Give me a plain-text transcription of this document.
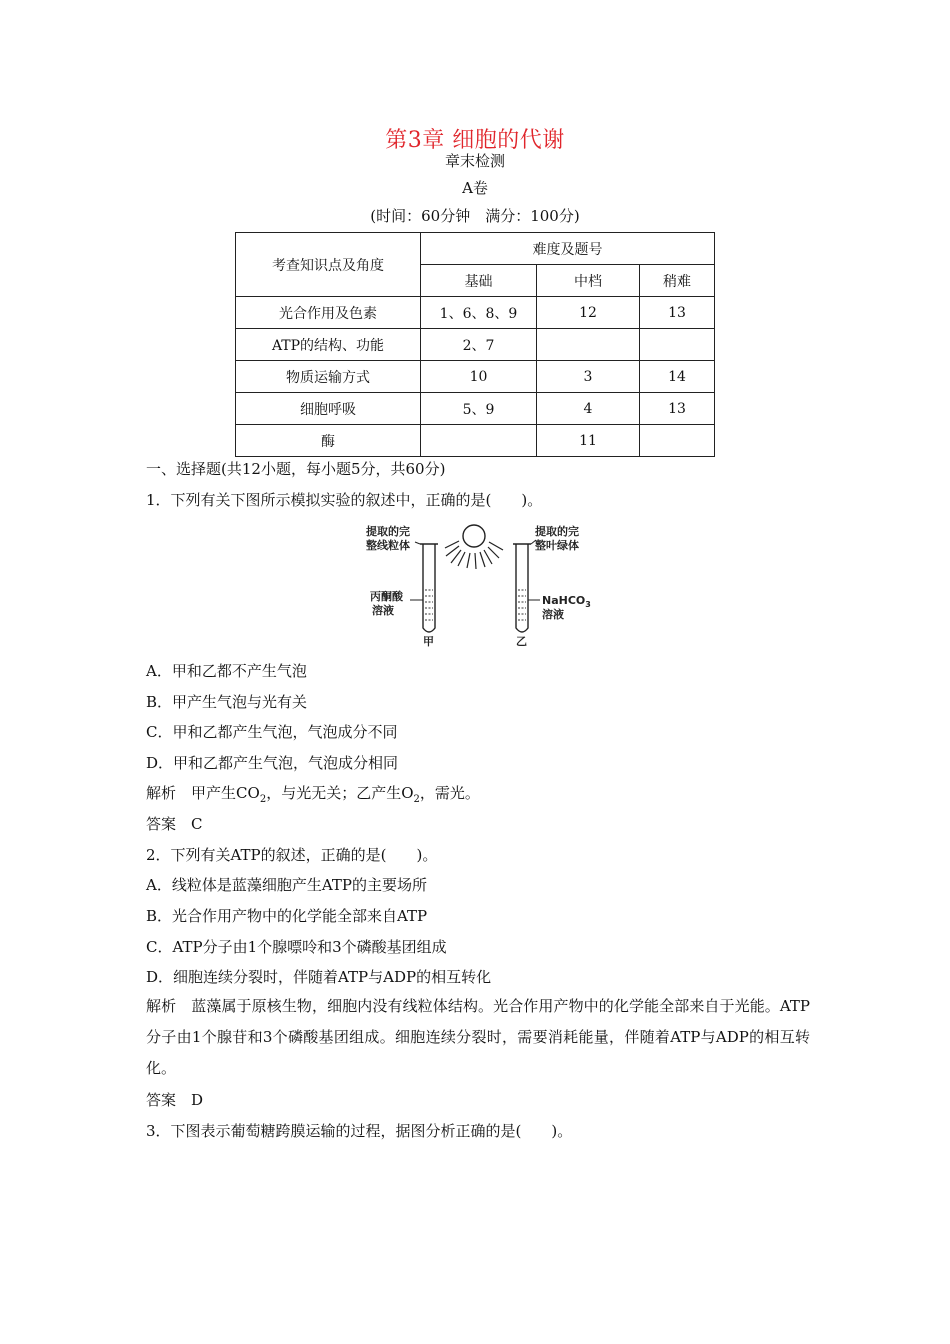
第3章 细胞的代谢
章末检测
A卷
(时间：60分钟　满分：100分)
考查知识点及角度	难度及题号		
	基础	中档	稍难
光合作用及色素	1、6、8、9	12	13
ATP的结构、功能	2、7		
物质运输方式	10	3	14
细胞呼吸	5、9	4	13
酶		11	
一、选择题(共12小题，每小题5分，共60分)
1．下列有关下图所示模拟实验的叙述中，正确的是(　　)。
提取的完
整线粒体
丙酮酸
溶液
甲
提取的完
整叶绿体
NaHCO$_3$
溶液
乙
A．甲和乙都不产生气泡
B．甲产生气泡与光有关
C．甲和乙都产生气泡，气泡成分不同
D．甲和乙都产生气泡，气泡成分相同
解析　 甲产生$CO_2$，与光无关；乙产生$O_2$，需光。
答案　C
2．下列有关ATP的叙述，正确的是(　　)。
A．线粒体是蓝藻细胞产生ATP的主要场所
B．光合作用产物中的化学能全部来自ATP
C．ATP分子由1个腺嘌呤和3个磷酸基团组成
D．细胞连续分裂时，伴随着ATP与ADP的相互转化
解析　蓝藻属于原核生物，细胞内没有线粒体结构。光合作用产物中的化学能全部来自于光能。ATP分子由1个腺苷和3个磷酸基团组成。细胞连续分裂时，需要消耗能量，伴随着ATP与ADP的相互转化。
答案　D
3．下图表示葡萄糖跨膜运输的过程，据图分析正确的是(　　)。
